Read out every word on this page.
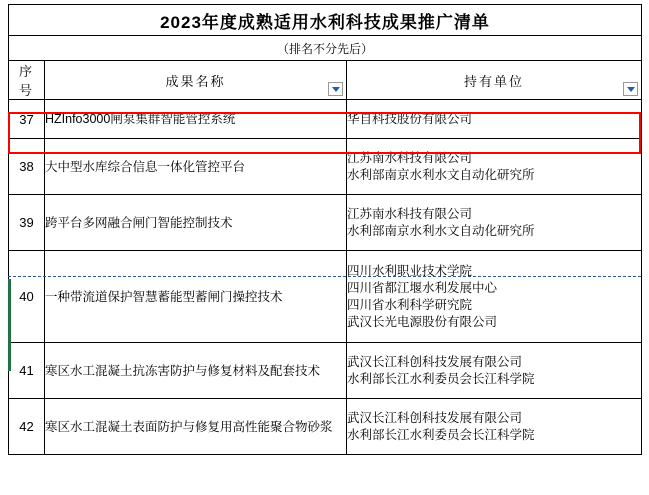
2023年度成熟适用水利科技成果推广清单		
（排名不分先后）		
序 号	成果名称	持有单位

37	HZInfo3000闸泵集群智能管控系统	华自科技股份有限公司

38	大中型水库综合信息一体化管控平台	江苏南水科技有限公司
水利部南京水利水文自动化研究所

39	跨平台多网融合闸门智能控制技术	江苏南水科技有限公司
水利部南京水利水文自动化研究所

40	一种带流道保护智慧蓄能型蓄闸门操控技术	四川水利职业技术学院
四川省都江堰水利发展中心
四川省水利科学研究院
武汉长光电源股份有限公司

41	寒区水工混凝土抗冻害防护与修复材料及配套技术	武汉长江科创科技发展有限公司
水利部长江水利委员会长江科学院

42	寒区水工混凝土表面防护与修复用高性能聚合物砂浆	武汉长江科创科技发展有限公司
水利部长江水利委员会长江科学院
